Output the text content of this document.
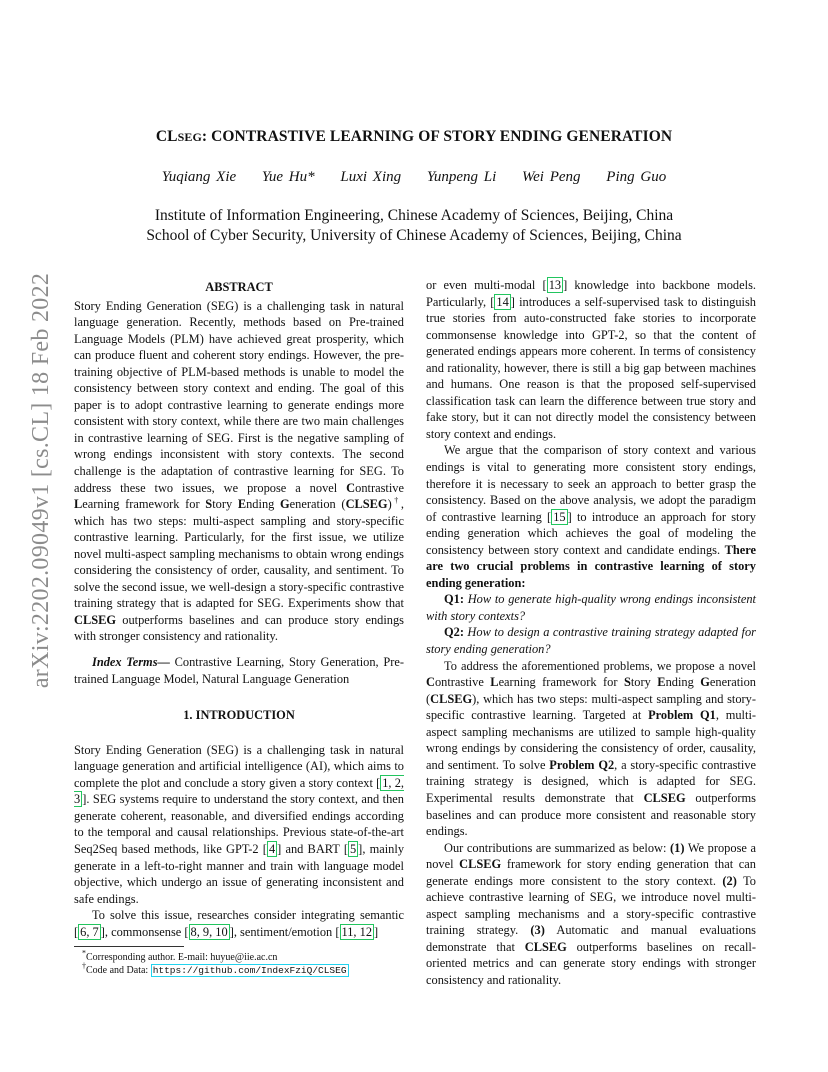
arXiv:2202.09049v1 [cs.CL] 18 Feb 2022
CLSEG: CONTRASTIVE LEARNING OF STORY ENDING GENERATION
Yuqiang Xie Yue Hu* Luxi Xing Yunpeng Li Wei Peng Ping Guo
Institute of Information Engineering, Chinese Academy of Sciences, Beijing, China
School of Cyber Security, University of Chinese Academy of Sciences, Beijing, China

ABSTRACT

Story Ending Generation (SEG) is a challenging task in natural language generation. Recently, methods based on Pre-trained Language Models (PLM) have achieved great prosperity, which can produce fluent and coherent story endings. However, the pre-training objective of PLM-based methods is unable to model the consistency between story context and ending. The goal of this paper is to adopt contrastive learning to generate endings more consistent with story context, while there are two main challenges in contrastive learning of SEG. First is the negative sampling of wrong endings inconsistent with story contexts. The second challenge is the adaptation of contrastive learning for SEG. To address these two issues, we propose a novel Contrastive Learning framework for Story Ending Generation (CLSEG)†, which has two steps: multi-aspect sampling and story-specific contrastive learning. Particularly, for the first issue, we utilize novel multi-aspect sampling mechanisms to obtain wrong endings considering the consistency of order, causality, and sentiment. To solve the second issue, we well-design a story-specific contrastive training strategy that is adapted for SEG. Experiments show that CLSEG outperforms baselines and can produce story endings with stronger consistency and rationality.

Index Terms— Contrastive Learning, Story Generation, Pre-trained Language Model, Natural Language Generation

1. INTRODUCTION

Story Ending Generation (SEG) is a challenging task in natural language generation and artificial intelligence (AI), which aims to complete the plot and conclude a story given a story context [ 1, 2, 3 ]. SEG systems require to understand the story context, and then generate coherent, reasonable, and diversified endings according to the temporal and causal relationships. Previous state-of-the-art Seq2Seq based methods, like GPT-2 [ 4 ] and BART [ 5 ], mainly generate in a left-to-right manner and train with language model objective, which undergo an issue of generating inconsistent and safe endings.

To solve this issue, researches consider integrating semantic [ 6, 7 ], commonsense [ 8, 9, 10 ], sentiment/emotion [ 11, 12 ]

*Corresponding author. E-mail: huyue@iie.ac.cn
†Code and Data: https://github.com/IndexFziQ/CLSEG

or even multi-modal [ 13 ] knowledge into backbone models. Particularly, [ 14 ] introduces a self-supervised task to distinguish true stories from auto-constructed fake stories to incorporate commonsense knowledge into GPT-2, so that the content of generated endings appears more coherent. In terms of consistency and rationality, however, there is still a big gap between machines and humans. One reason is that the proposed self-supervised classification task can learn the difference between true story and fake story, but it can not directly model the consistency between story context and endings.

We argue that the comparison of story context and various endings is vital to generating more consistent story endings, therefore it is necessary to seek an approach to better grasp the consistency. Based on the above analysis, we adopt the paradigm of contrastive learning [ 15 ] to introduce an approach for story ending generation which achieves the goal of modeling the consistency between story context and candidate endings. There are two crucial problems in contrastive learning of story ending generation:

Q1: How to generate high-quality wrong endings inconsistent with story contexts?

Q2: How to design a contrastive training strategy adapted for story ending generation?

To address the aforementioned problems, we propose a novel Contrastive Learning framework for Story Ending Generation (CLSEG), which has two steps: multi-aspect sampling and story-specific contrastive learning. Targeted at Problem Q1, multi-aspect sampling mechanisms are utilized to sample high-quality wrong endings by considering the consistency of order, causality, and sentiment. To solve Problem Q2, a story-specific contrastive training strategy is designed, which is adapted for SEG. Experimental results demonstrate that CLSEG outperforms baselines and can produce more consistent and reasonable story endings.

Our contributions are summarized as below: (1) We propose a novel CLSEG framework for story ending generation that can generate endings more consistent to the story context. (2) To achieve contrastive learning of SEG, we introduce novel multi-aspect sampling mechanisms and a story-specific contrastive training strategy. (3) Automatic and manual evaluations demonstrate that CLSEG outperforms baselines on recall-oriented metrics and can generate story endings with stronger consistency and rationality.
